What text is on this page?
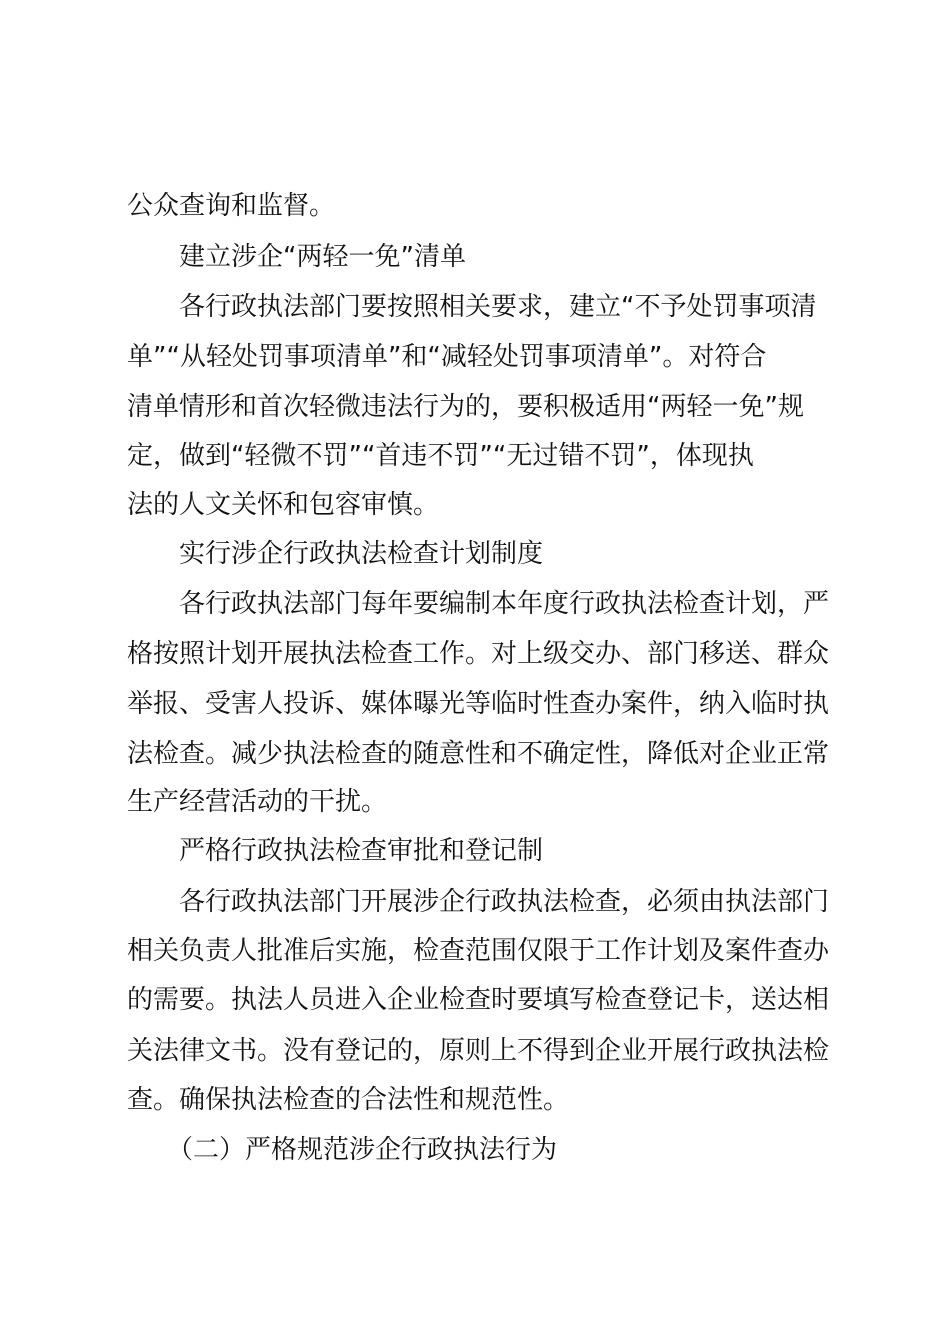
公众查询和监督。
建立涉企“两轻一免”清单
各行政执法部门要按照相关要求，建立“不予处罚事项清
单”“从轻处罚事项清单”和“减轻处罚事项清单”。对符合
清单情形和首次轻微违法行为的，要积极适用“两轻一免”规
定，做到“轻微不罚”“首违不罚”“无过错不罚”，体现执
法的人文关怀和包容审慎。
实行涉企行政执法检查计划制度
各行政执法部门每年要编制本年度行政执法检查计划，严
格按照计划开展执法检查工作。对上级交办、部门移送、群众
举报、受害人投诉、媒体曝光等临时性查办案件，纳入临时执
法检查。减少执法检查的随意性和不确定性，降低对企业正常
生产经营活动的干扰。
严格行政执法检查审批和登记制
各行政执法部门开展涉企行政执法检查，必须由执法部门
相关负责人批准后实施，检查范围仅限于工作计划及案件查办
的需要。执法人员进入企业检查时要填写检查登记卡，送达相
关法律文书。没有登记的，原则上不得到企业开展行政执法检
查。确保执法检查的合法性和规范性。
（二）严格规范涉企行政执法行为
